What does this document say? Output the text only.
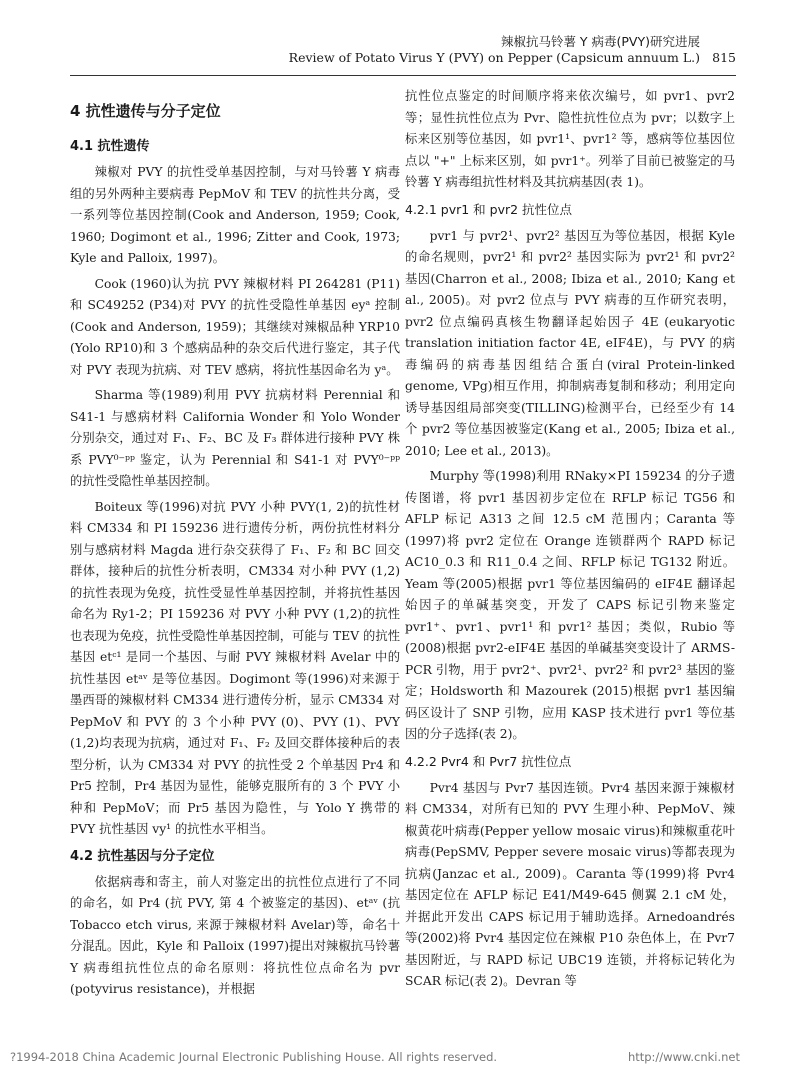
辣椒抗马铃薯 Y 病毒(PVY)研究进展
Review of Potato Virus Y (PVY) on Pepper (Capsicum annuum L.) 815
4 抗性遗传与分子定位
4.1 抗性遗传

辣椒对 PVY 的抗性受单基因控制，与对马铃薯 Y 病毒组的另外两种主要病毒 PepMoV 和 TEV 的抗性共分离，受一系列等位基因控制(Cook and Anderson, 1959; Cook, 1960; Dogimont et al., 1996; Zitter and Cook, 1973; Kyle and Palloix, 1997)。

Cook (1960)认为抗 PVY 辣椒材料 PI 264281 (P11)和 SC49252 (P34)对 PVY 的抗性受隐性单基因 eyᵃ 控制(Cook and Anderson, 1959)；其继续对辣椒品种 YRP10 (Yolo RP10)和 3 个感病品种的杂交后代进行鉴定，其子代对 PVY 表现为抗病、对 TEV 感病，将抗性基因命名为 yᵃ。

Sharma 等(1989)利用 PVY 抗病材料 Perennial 和 S41-1 与感病材料 California Wonder 和 Yolo Wonder 分别杂交，通过对 F₁、F₂、BC 及 F₃ 群体进行接种 PVY 株系 PVY⁰⁻ᵖᵖ 鉴定，认为 Perennial 和 S41-1 对 PVY⁰⁻ᵖᵖ 的抗性受隐性单基因控制。

Boiteux 等(1996)对抗 PVY 小种 PVY(1, 2)的抗性材料 CM334 和 PI 159236 进行遗传分析，两份抗性材料分别与感病材料 Magda 进行杂交获得了 F₁、F₂ 和 BC 回交群体，接种后的抗性分析表明，CM334 对小种 PVY (1,2)的抗性表现为免疫，抗性受显性单基因控制，并将抗性基因命名为 Ry1-2；PI 159236 对 PVY 小种 PVY (1,2)的抗性也表现为免疫，抗性受隐性单基因控制，可能与 TEV 的抗性基因 etᶜ¹ 是同一个基因、与耐 PVY 辣椒材料 Avelar 中的抗性基因 etᵃᵛ 是等位基因。Dogimont 等(1996)对来源于墨西哥的辣椒材料 CM334 进行遗传分析，显示 CM334 对 PepMoV 和 PVY 的 3 个小种 PVY (0)、PVY (1)、PVY (1,2)均表现为抗病，通过对 F₁、F₂ 及回交群体接种后的表型分析，认为 CM334 对 PVY 的抗性受 2 个单基因 Pr4 和 Pr5 控制，Pr4 基因为显性，能够克服所有的 3 个 PVY 小种和 PepMoV；而 Pr5 基因为隐性，与 Yolo Y 携带的 PVY 抗性基因 vy¹ 的抗性水平相当。

4.2 抗性基因与分子定位

依据病毒和寄主，前人对鉴定出的抗性位点进行了不同的命名，如 Pr4 (抗 PVY, 第 4 个被鉴定的基因)、etᵃᵛ (抗 Tobacco etch virus, 来源于辣椒材料 Avelar)等，命名十分混乱。因此，Kyle 和 Palloix (1997)提出对辣椒抗马铃薯 Y 病毒组抗性位点的命名原则：将抗性位点命名为 pvr (potyvirus resistance)，并根据

抗性位点鉴定的时间顺序将来依次编号，如 pvr1、pvr2 等；显性抗性位点为 Pvr、隐性抗性位点为 pvr；以数字上标来区别等位基因，如 pvr1¹、pvr1² 等，感病等位基因位点以 "+" 上标来区别，如 pvr1⁺。列举了目前已被鉴定的马铃薯 Y 病毒组抗性材料及其抗病基因(表 1)。

4.2.1 pvr1 和 pvr2 抗性位点

pvr1 与 pvr2¹、pvr2² 基因互为等位基因，根据 Kyle 的命名规则，pvr2¹ 和 pvr2² 基因实际为 pvr2¹ 和 pvr2² 基因(Charron et al., 2008; Ibiza et al., 2010; Kang et al., 2005)。对 pvr2 位点与 PVY 病毒的互作研究表明，pvr2 位点编码真核生物翻译起始因子 4E (eukaryotic translation initiation factor 4E, eIF4E)，与 PVY 的病毒编码的病毒基因组结合蛋白(viral Protein-linked genome, VPg)相互作用，抑制病毒复制和移动；利用定向诱导基因组局部突变(TILLING)检测平台，已经至少有 14 个 pvr2 等位基因被鉴定(Kang et al., 2005; Ibiza et al., 2010; Lee et al., 2013)。

Murphy 等(1998)利用 RNaky×PI 159234 的分子遗传图谱，将 pvr1 基因初步定位在 RFLP 标记 TG56 和 AFLP 标记 A313 之间 12.5 cM 范围内；Caranta 等(1997)将 pvr2 定位在 Orange 连锁群两个 RAPD 标记 AC10_0.3 和 R11_0.4 之间、RFLP 标记 TG132 附近。Yeam 等(2005)根据 pvr1 等位基因编码的 eIF4E 翻译起始因子的单碱基突变，开发了 CAPS 标记引物来鉴定 pvr1⁺、pvr1、pvr1¹ 和 pvr1² 基因；类似，Rubio 等(2008)根据 pvr2-eIF4E 基因的单碱基突变设计了 ARMS-PCR 引物，用于 pvr2⁺、pvr2¹、pvr2² 和 pvr2³ 基因的鉴定；Holdsworth 和 Mazourek (2015)根据 pvr1 基因编码区设计了 SNP 引物，应用 KASP 技术进行 pvr1 等位基因的分子选择(表 2)。

4.2.2 Pvr4 和 Pvr7 抗性位点

Pvr4 基因与 Pvr7 基因连锁。Pvr4 基因来源于辣椒材料 CM334，对所有已知的 PVY 生理小种、PepMoV、辣椒黄花叶病毒(Pepper yellow mosaic virus)和辣椒重花叶病毒(PepSMV, Pepper severe mosaic virus)等都表现为抗病(Janzac et al., 2009)。Caranta 等(1999)将 Pvr4 基因定位在 AFLP 标记 E41/M49-645 侧翼 2.1 cM 处，并据此开发出 CAPS 标记用于辅助选择。Arnedoandrés 等(2002)将 Pvr4 基因定位在辣椒 P10 杂色体上，在 Pvr7 基因附近，与 RAPD 标记 UBC19 连锁，并将标记转化为 SCAR 标记(表 2)。Devran 等

?1994-2018 China Academic Journal Electronic Publishing House. All rights reserved.	http://www.cnki.net
